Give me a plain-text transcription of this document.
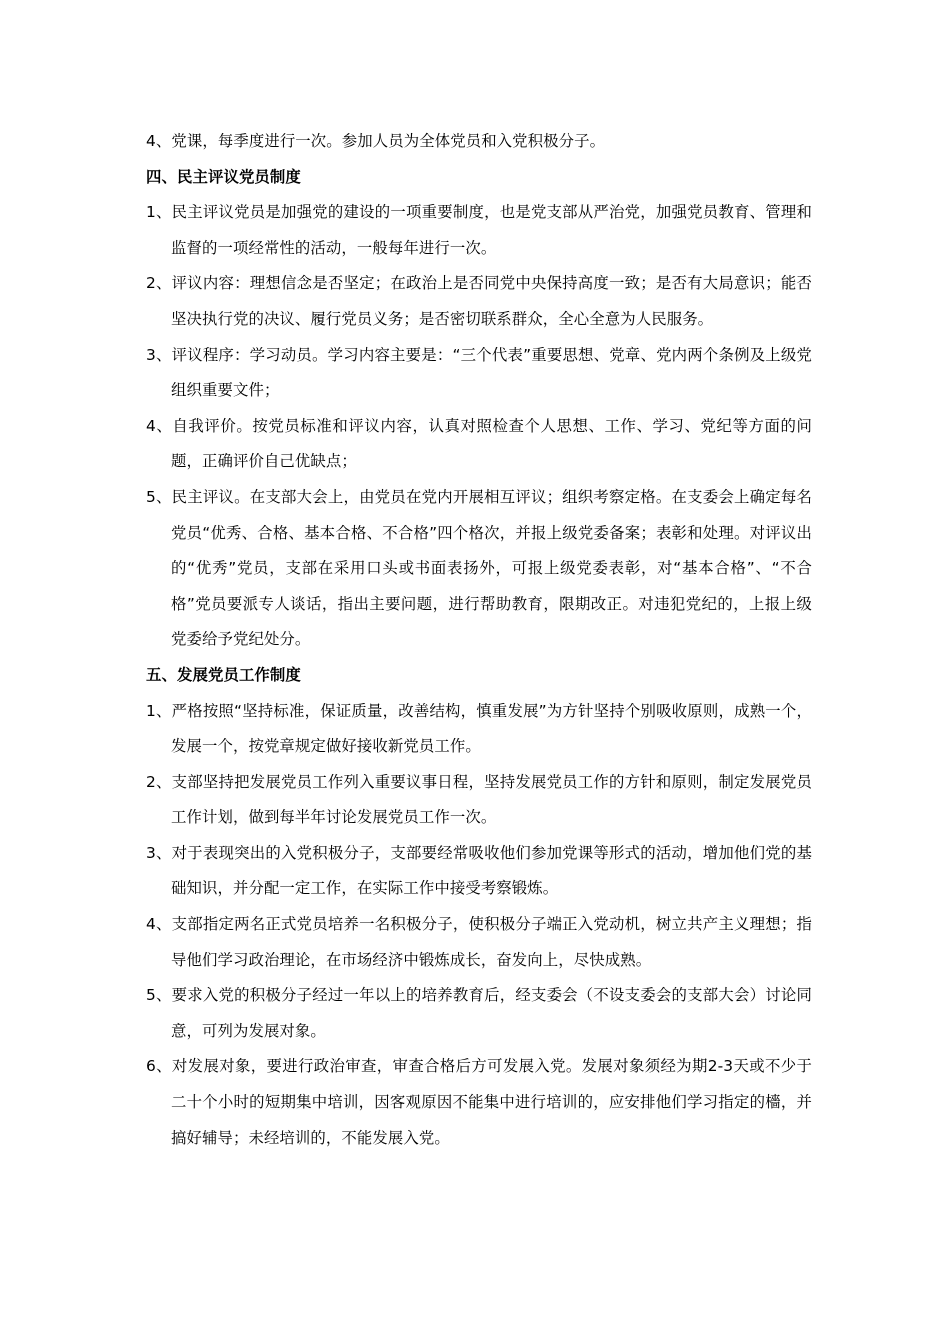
4、党课，每季度进行一次。参加人员为全体党员和入党积极分子。

四、民主评议党员制度

1、民主评议党员是加强党的建设的一项重要制度，也是党支部从严治党，加强党员教育、管理和监督的一项经常性的活动，一般每年进行一次。

2、评议内容：理想信念是否坚定；在政治上是否同党中央保持高度一致；是否有大局意识；能否坚决执行党的决议、履行党员义务；是否密切联系群众，全心全意为人民服务。

3、评议程序：学习动员。学习内容主要是：“三个代表”重要思想、党章、党内两个条例及上级党组织重要文件；

4、自我评价。按党员标准和评议内容，认真对照检查个人思想、工作、学习、党纪等方面的问题，正确评价自己优缺点；

5、民主评议。在支部大会上，由党员在党内开展相互评议；组织考察定格。在支委会上确定每名党员“优秀、合格、基本合格、不合格”四个格次，并报上级党委备案；表彰和处理。对评议出的“优秀”党员，支部在采用口头或书面表扬外，可报上级党委表彰，对“基本合格”、“不合格”党员要派专人谈话，指出主要问题，进行帮助教育，限期改正。对违犯党纪的，上报上级党委给予党纪处分。

五、发展党员工作制度

1、严格按照“坚持标准，保证质量，改善结构，慎重发展”为方针坚持个别吸收原则，成熟一个，发展一个，按党章规定做好接收新党员工作。

2、支部坚持把发展党员工作列入重要议事日程，坚持发展党员工作的方针和原则，制定发展党员工作计划，做到每半年讨论发展党员工作一次。

3、对于表现突出的入党积极分子，支部要经常吸收他们参加党课等形式的活动，增加他们党的基础知识，并分配一定工作，在实际工作中接受考察锻炼。

4、支部指定两名正式党员培养一名积极分子，使积极分子端正入党动机，树立共产主义理想；指导他们学习政治理论，在市场经济中锻炼成长，奋发向上，尽快成熟。

5、要求入党的积极分子经过一年以上的培养教育后，经支委会（不设支委会的支部大会）讨论同意，可列为发展对象。

6、对发展对象，要进行政治审查，审查合格后方可发展入党。发展对象须经为期2-3天或不少于二十个小时的短期集中培训，因客观原因不能集中进行培训的，应安排他们学习指定的檣，并搞好辅导；未经培训的，不能发展入党。
